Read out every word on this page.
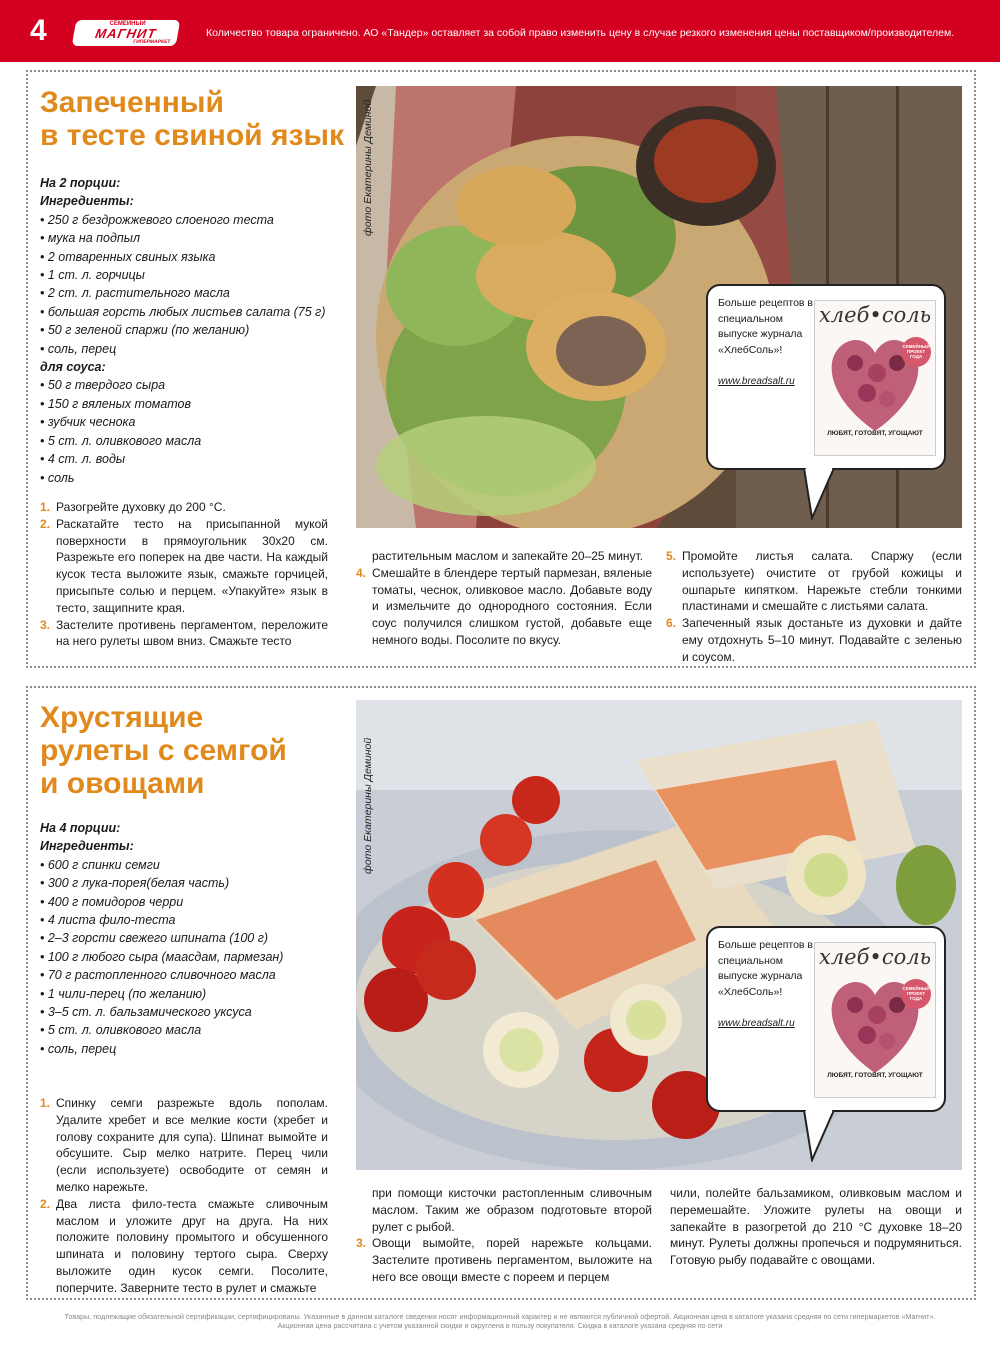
4	СЕМЕЙНЫЙ
МАГНИТ
ГИПЕРМАРКЕТ
Количество товара ограничено. АО «Тандер» оставляет за собой право изменить цену в случае резкого изменения цены поставщиком/производителем.
Запеченный
в тесте свиной язык
На 2 порции:
Ингредиенты:
• 250 г бездрожжевого слоеного теста
• мука на подпыл
• 2 отваренных свиных языка
• 1 ст. л. горчицы
• 2 ст. л. растительного масла
• большая горсть любых листьев салата (75 г)
• 50 г зеленой спаржи (по желанию)
• соль, перец
для соуса:
• 50 г твердого сыра
• 150 г вяленых томатов
• зубчик чеснока
• 5 ст. л. оливкового масла
• 4 ст. л. воды
• соль
фото Екатерины Деминой
Больше рецептов в специальном выпуске журнала «ХлебСоль»!
www.breadsalt.ru
хлеб•соль
СЕМЕЙНЫЙ ПРОЕКТ ГОДА
ЛЮБЯТ, ГОТОВЯТ, УГОЩАЮТ
1. Разогрейте духовку до 200 °С.
2. Раскатайте тесто на присыпанной мукой поверхности в прямоугольник 30x20 см. Разрежьте его поперек на две части. На каждый кусок теста выложите язык, смажьте горчицей, присыпьте солью и перцем. «Упакуйте» язык в тесто, защипните края.
3. Застелите противень пергаментом, переложите на него рулеты швом вниз. Смажьте тесто
растительным маслом и запекайте 20–25 минут.
4. Смешайте в блендере тертый пармезан, вяленые томаты, чеснок, оливковое масло. Добавьте воду и измельчите до однородного состояния. Если соус получился слишком густой, добавьте еще немного воды. Посолите по вкусу.
5. Промойте листья салата. Спаржу (если используете) очистите от грубой кожицы и ошпарьте кипятком. Нарежьте стебли тонкими пластинами и смешайте с листьями салата.
6. Запеченный язык достаньте из духовки и дайте ему отдохнуть 5–10 минут. Подавайте с зеленью и соусом.
Хрустящие
рулеты с семгой
и овощами
На 4 порции:
Ингредиенты:
• 600 г спинки семги
• 300 г лука-порея(белая часть)
• 400 г помидоров черри
• 4 листа фило-теста
• 2–3 горсти свежего шпината (100 г)
• 100 г любого сыра (маасдам, пармезан)
• 70 г растопленного сливочного масла
• 1 чили-перец (по желанию)
• 3–5 ст. л. бальзамического уксуса
• 5 ст. л. оливкового масла
• соль, перец
фото Екатерины Деминой
Больше рецептов в специальном выпуске журнала «ХлебСоль»!
www.breadsalt.ru
хлеб•соль
СЕМЕЙНЫЙ ПРОЕКТ ГОДА
ЛЮБЯТ, ГОТОВЯТ, УГОЩАЮТ
1. Спинку семги разрежьте вдоль пополам. Удалите хребет и все мелкие кости (хребет и голову сохраните для супа). Шпинат вымойте и обсушите. Сыр мелко натрите. Перец чили (если используете) освободите от семян и мелко нарежьте.
2. Два листа фило-теста смажьте сливочным маслом и уложите друг на друга. На них положите половину промытого и обсушенного шпината и половину тертого сыра. Сверху выложите один кусок семги. Посолите, поперчите. Заверните тесто в рулет и смажьте
при помощи кисточки растопленным сливочным маслом. Таким же образом подготовьте второй рулет с рыбой.
3. Овощи вымойте, порей нарежьте кольцами. Застелите противень пергаментом, выложите на него все овощи вместе с пореем и перцем
чили, полейте бальзамиком, оливковым маслом и перемешайте. Уложите рулеты на овощи и запекайте в разогретой до 210 °С духовке 18–20 минут. Рулеты должны пропечься и подрумяниться. Готовую рыбу подавайте с овощами.
Товары, подлежащие обязательной сертификации, сертифицированы. Указанные в данном каталоге сведения носят информационный характер и не являются публичной офертой. Акционная цена в каталоге указана средняя по сети гипермаркетов «Магнит».
Акционная цена рассчитана с учетом указанной скидки и округлена в пользу покупателя. Скидка в каталоге указана средняя по сети
